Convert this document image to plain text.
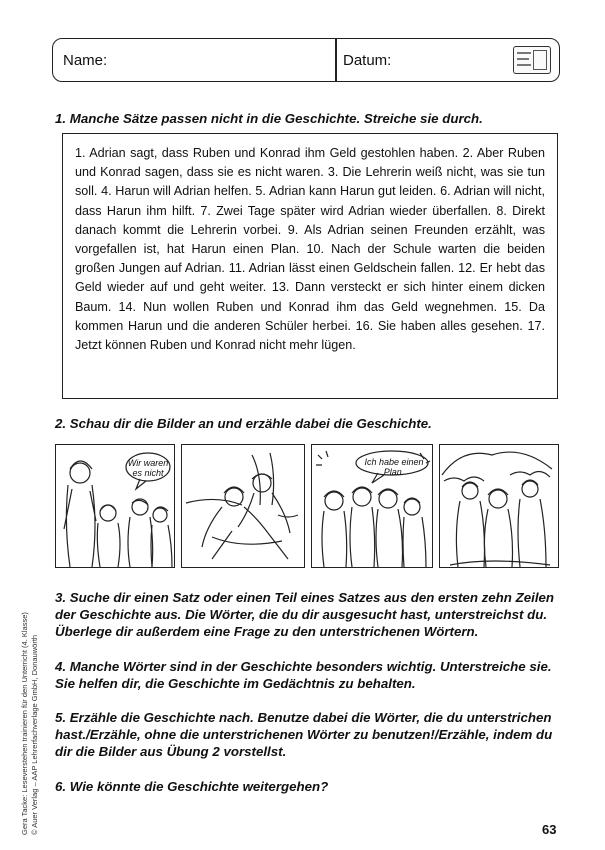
Name:	Datum:
1. Manche Sätze passen nicht in die Geschichte. Streiche sie durch.
1. Adrian sagt, dass Ruben und Konrad ihm Geld gestohlen haben. 2. Aber Ruben und Konrad sagen, dass sie es nicht waren. 3. Die Lehrerin weiß nicht, was sie tun soll. 4. Harun will Adrian helfen. 5. Adrian kann Harun gut leiden. 6. Adrian will nicht, dass Harun ihm hilft. 7. Zwei Tage später wird Adrian wieder überfallen. 8. Direkt danach kommt die Lehrerin vorbei. 9. Als Adrian seinen Freunden erzählt, was vorgefallen ist, hat Harun einen Plan. 10. Nach der Schule warten die beiden großen Jungen auf Adrian. 11. Adrian lässt einen Geldschein fallen. 12. Er hebt das Geld wieder auf und geht weiter. 13. Dann versteckt er sich hinter einem dicken Baum. 14. Nun wollen Ruben und Konrad ihm das Geld wegnehmen. 15. Da kommen Harun und die anderen Schüler herbei. 16. Sie haben alles gesehen. 17. Jetzt können Ruben und Konrad nicht mehr lügen.
2. Schau dir die Bilder an und erzähle dabei die Geschichte.
Wir waren
es nicht
Ich habe einen Plan.
3. Suche dir einen Satz oder einen Teil eines Satzes aus den ersten zehn Zeilen der Geschichte aus. Die Wörter, die du dir ausgesucht hast, unterstreichst du. Überlege dir außerdem eine Frage zu den unterstrichenen Wörtern.
4. Manche Wörter sind in der Geschichte besonders wichtig. Unterstreiche sie. Sie helfen dir, die Geschichte im Gedächtnis zu behalten.
5. Erzähle die Geschichte nach. Benutze dabei die Wörter, die du unterstrichen hast./Erzähle, ohne die unterstrichenen Wörter zu benutzen!/Erzähle, indem du dir die Bilder aus Übung 2 vorstellst.
6. Wie könnte die Geschichte weitergehen?
Gera Tacke: Leseverstehen trainieren für den Unterricht (4. Klasse) © Auer Verlag – AAP Lehrerfachverlage GmbH, Donauwörth	63
